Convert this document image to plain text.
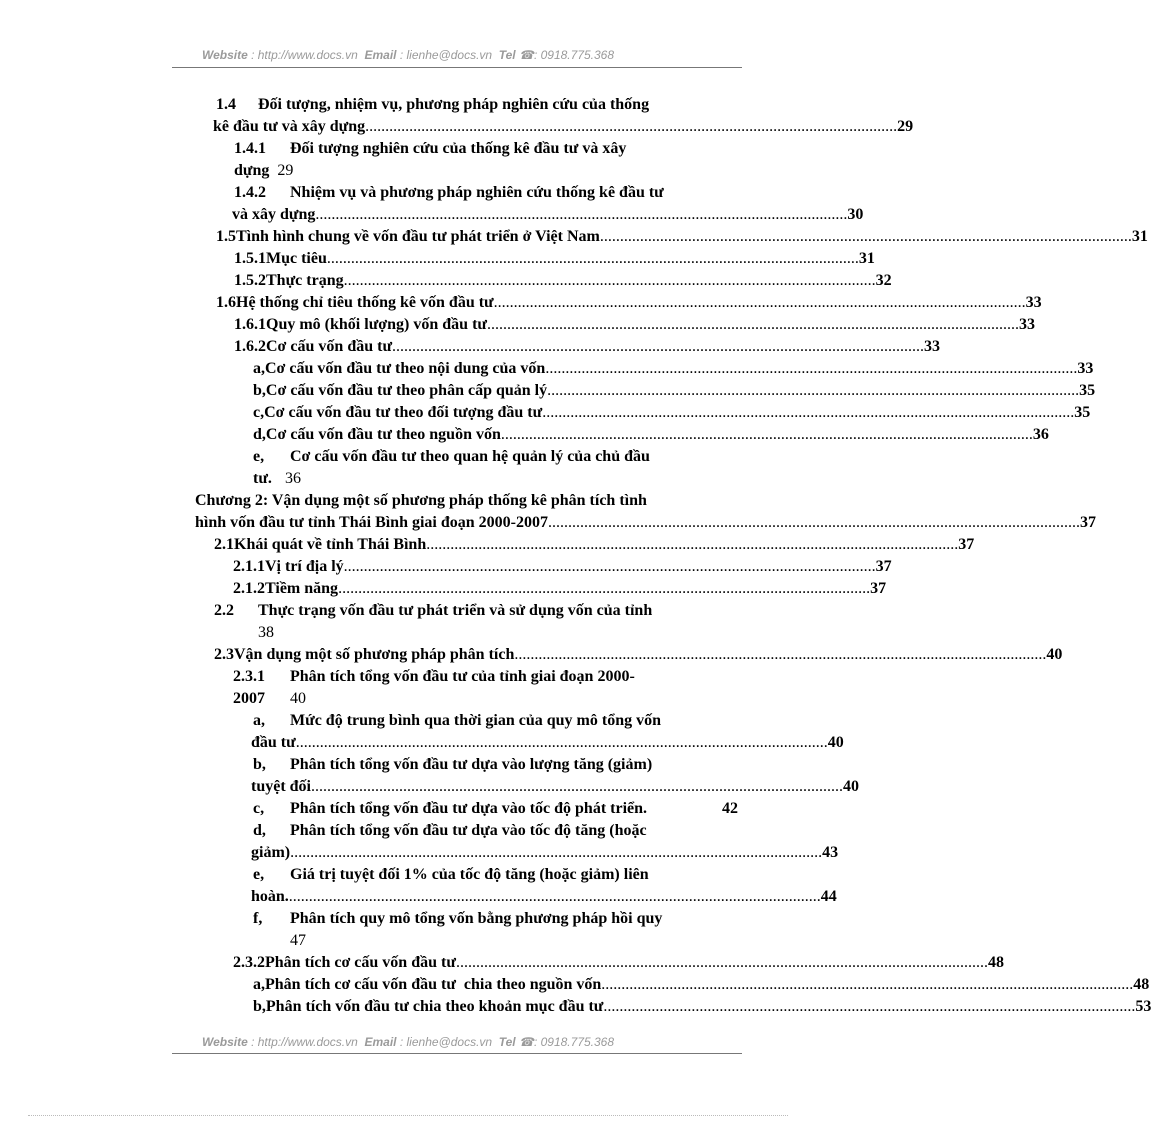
Website : http://www.docs.vn Email : lienhe@docs.vn Tel ☎: 0918.775.368
1.4	Đối tượng, nhiệm vụ, phương pháp nghiên cứu của thống
kê đầu tư và xây dựng ..................................................................................................................................... 29
1.4.1	Đối tượng nghiên cứu của thống kê đầu tư và xây
dựng 29
1.4.2	Nhiệm vụ và phương pháp nghiên cứu thống kê đầu tư
và xây dựng ..................................................................................................................................... 30
1.5 Tình hình chung về vốn đầu tư phát triển ở Việt Nam ..................................................................................................................................... 31
1.5.1 Mục tiêu ..................................................................................................................................... 31
1.5.2 Thực trạng ..................................................................................................................................... 32
1.6 Hệ thống chỉ tiêu thống kê vốn đầu tư ..................................................................................................................................... 33
1.6.1 Quy mô (khối lượng) vốn đầu tư ..................................................................................................................................... 33
1.6.2 Cơ cấu vốn đầu tư ..................................................................................................................................... 33
a, Cơ cấu vốn đầu tư theo nội dung của vốn ..................................................................................................................................... 33
b, Cơ cấu vốn đầu tư theo phân cấp quản lý ..................................................................................................................................... 35
c, Cơ cấu vốn đầu tư theo đối tượng đầu tư ..................................................................................................................................... 35
d, Cơ cấu vốn đầu tư theo nguồn vốn ..................................................................................................................................... 36
e,	Cơ cấu vốn đầu tư theo quan hệ quản lý của chủ đầu
tư. 36
Chương 2: Vận dụng một số phương pháp thống kê phân tích tình
hình vốn đầu tư tỉnh Thái Bình giai đoạn 2000-2007 ..................................................................................................................................... 37
2.1 Khái quát về tỉnh Thái Bình ..................................................................................................................................... 37
2.1.1 Vị trí địa lý ..................................................................................................................................... 37
2.1.2 Tiềm năng ..................................................................................................................................... 37
2.2	Thực trạng vốn đầu tư phát triển và sử dụng vốn của tỉnh
38
2.3 Vận dụng một số phương pháp phân tích ..................................................................................................................................... 40
2.3.1	Phân tích tổng vốn đầu tư của tỉnh giai đoạn 2000-
2007	40
a,	Mức độ trung bình qua thời gian của quy mô tổng vốn
đầu tư ..................................................................................................................................... 40
b,	Phân tích tổng vốn đầu tư dựa vào lượng tăng (giảm)
tuyệt đối ..................................................................................................................................... 40
c,	Phân tích tổng vốn đầu tư dựa vào tốc độ phát triển.	42
d,	Phân tích tổng vốn đầu tư dựa vào tốc độ tăng (hoặc
giảm) ..................................................................................................................................... 43
e,	Giá trị tuyệt đối 1% của tốc độ tăng (hoặc giảm) liên
hoàn. ..................................................................................................................................... 44
f,	Phân tích quy mô tổng vốn bằng phương pháp hồi quy
47
2.3.2 Phân tích cơ cấu vốn đầu tư ..................................................................................................................................... 48
a, Phân tích cơ cấu vốn đầu tư  chia theo nguồn vốn ..................................................................................................................................... 48
b, Phân tích vốn đầu tư chia theo khoản mục đầu tư ..................................................................................................................................... 53
Website : http://www.docs.vn Email : lienhe@docs.vn Tel ☎: 0918.775.368
